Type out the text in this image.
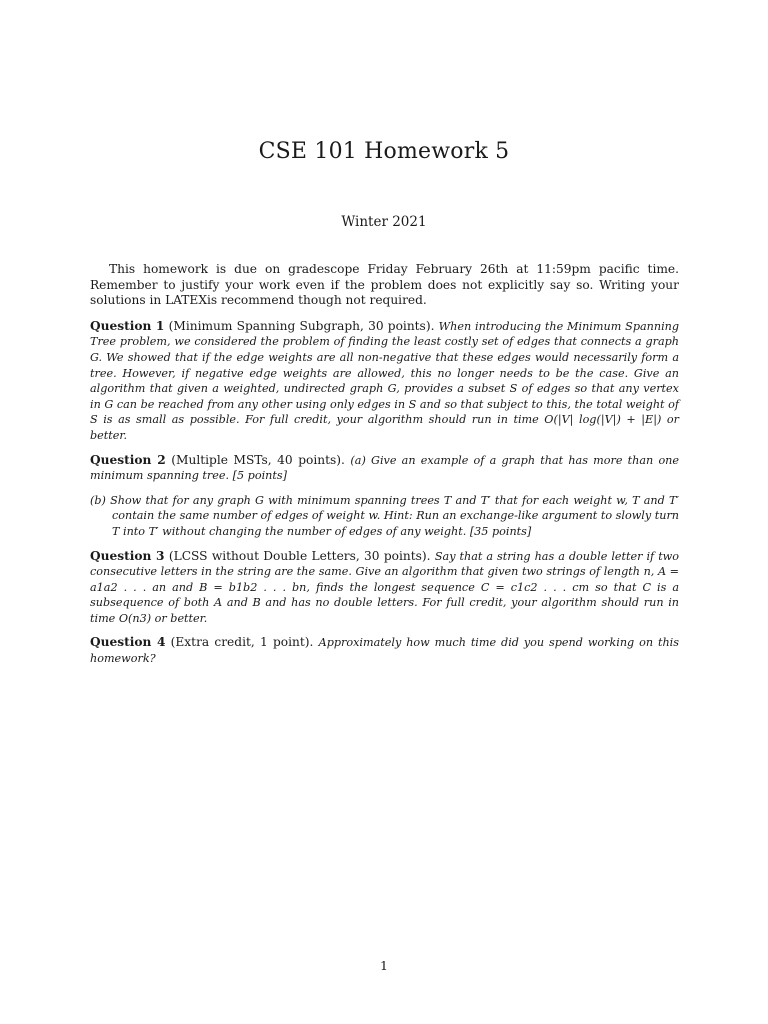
CSE 101 Homework 5
Winter 2021

This homework is due on gradescope Friday February 26th at 11:59pm pacific time. Remember to justify your work even if the problem does not explicitly say so. Writing your solutions in LATEXis recommend though not required.

Question 1 (Minimum Spanning Subgraph, 30 points). When introducing the Minimum Spanning Tree problem, we considered the problem of finding the least costly set of edges that connects a graph G. We showed that if the edge weights are all non-negative that these edges would necessarily form a tree. However, if negative edge weights are allowed, this no longer needs to be the case. Give an algorithm that given a weighted, undirected graph G, provides a subset S of edges so that any vertex in G can be reached from any other using only edges in S and so that subject to this, the total weight of S is as small as possible. For full credit, your algorithm should run in time O(|V| log(|V|) + |E|) or better.

Question 2 (Multiple MSTs, 40 points). (a) Give an example of a graph that has more than one minimum spanning tree. [5 points]

(b) Show that for any graph G with minimum spanning trees T and T′ that for each weight w, T and T′ contain the same number of edges of weight w. Hint: Run an exchange-like argument to slowly turn T into T′ without changing the number of edges of any weight. [35 points]

Question 3 (LCSS without Double Letters, 30 points). Say that a string has a double letter if two consecutive letters in the string are the same. Give an algorithm that given two strings of length n, A = a1a2 . . . an and B = b1b2 . . . bn, finds the longest sequence C = c1c2 . . . cm so that C is a subsequence of both A and B and has no double letters. For full credit, your algorithm should run in time O(n3) or better.

Question 4 (Extra credit, 1 point). Approximately how much time did you spend working on this homework?

1
